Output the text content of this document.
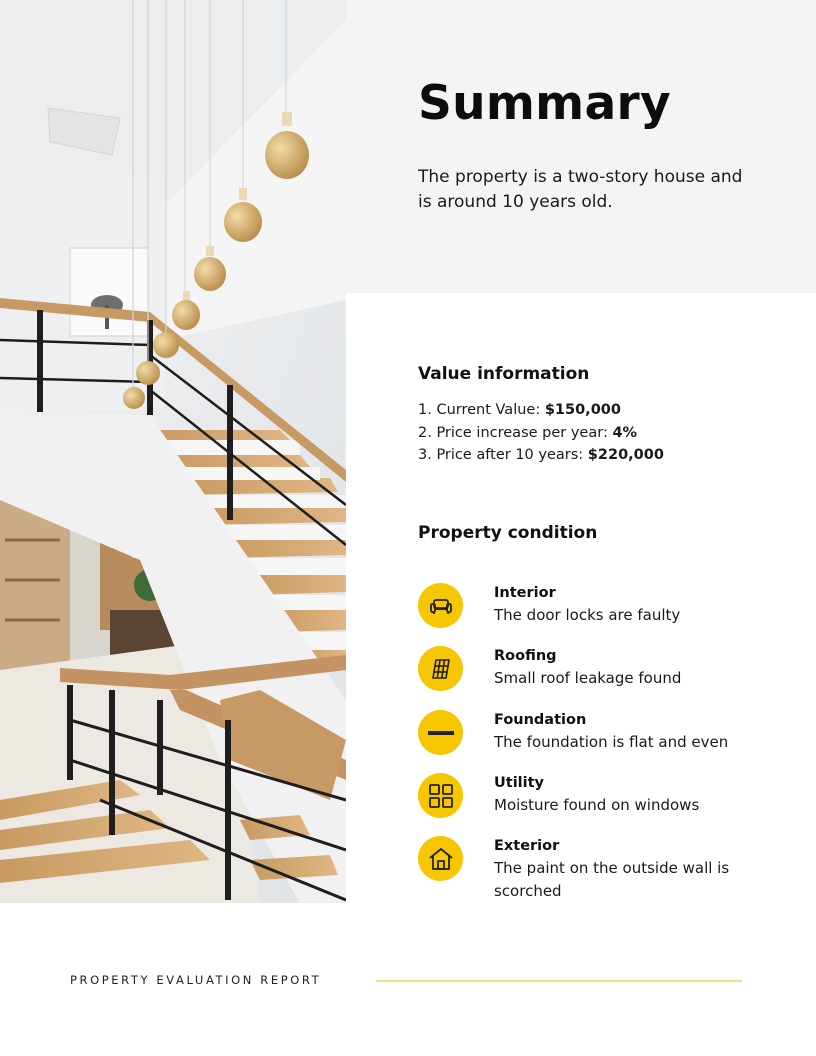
Summary
The property is a two-story house and is around 10 years old.
Value information
1. Current Value: $150,000
2. Price increase per year: 4%
3. Price after 10 years: $220,000
Property condition
Interior
The door locks are faulty
Roofing
Small roof leakage found
Foundation
The foundation is flat and even
Utility
Moisture found on windows
Exterior
The paint on the outside wall is scorched
PROPERTY EVALUATION REPORT
